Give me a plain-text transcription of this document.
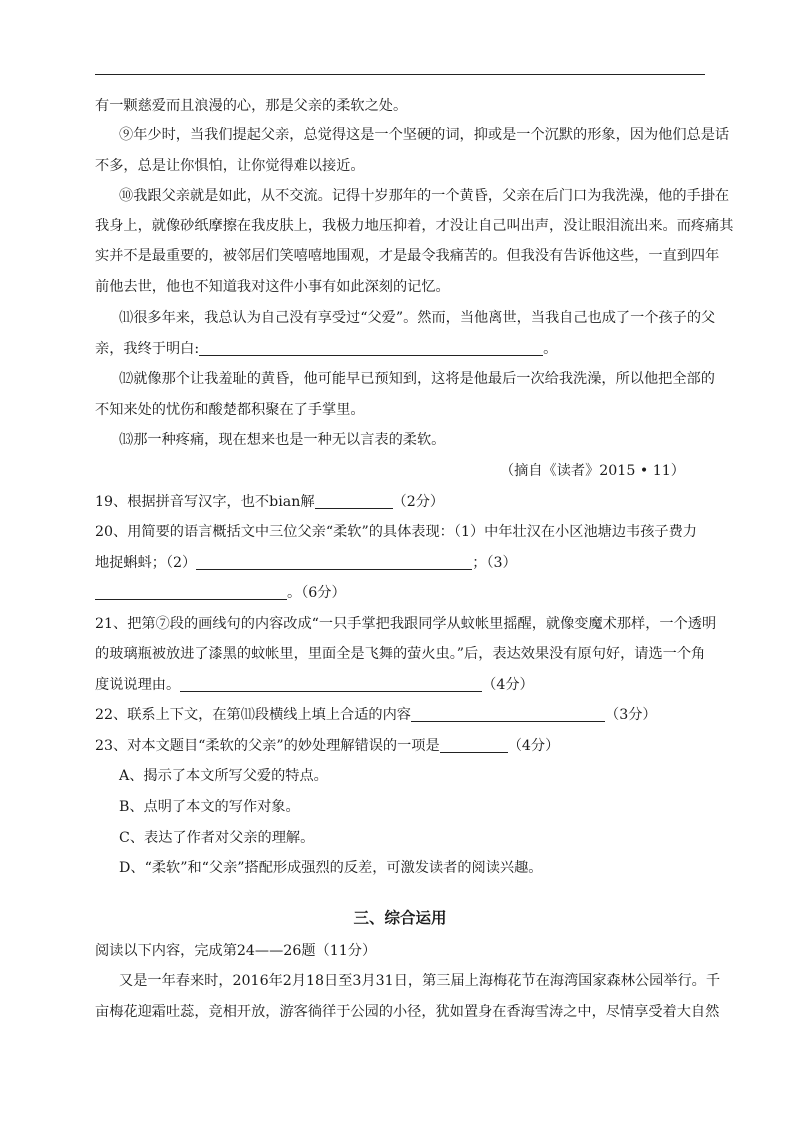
有一颗慈爱而且浪漫的心，那是父亲的柔软之处。
⑨年少时，当我们提起父亲，总觉得这是一个坚硬的词，抑或是一个沉默的形象，因为他们总是话
不多，总是让你惧怕，让你觉得难以接近。
⑩我跟父亲就是如此，从不交流。记得十岁那年的一个黄昏，父亲在后门口为我洗澡，他的手掛在
我身上，就像砂纸摩擦在我皮肤上，我极力地压抑着，才没让自己叫出声，没让眼泪流出来。而疼痛其
实并不是最重要的，被邻居们笑嘻嘻地围观，才是最令我痛苦的。但我没有告诉他这些，一直到四年
前他去世，他也不知道我对这件小事有如此深刻的记忆。
⑾很多年来，我总认为自己没有享受过“父爱”。然而，当他离世，当我自己也成了一个孩子的父
亲，我终于明白:	。
⑿就像那个让我羞耻的黄昏，他可能早已预知到，这将是他最后一次给我洗澡，所以他把全部的
不知来处的忧伤和酸楚都积聚在了手掌里。
⒀那一种疼痛，现在想来也是一种无以言表的柔软。
（摘自《读者》2015 • 11）
19、根据拼音写汉字，也不bian解	（2分）
20、用简要的语言概括文中三位父亲“柔软”的具体表现：（1）中年壮汉在小区池塘边韦孩子费力
地捉蝌蚪；（2）	；（3）
。（6分）
21、把第⑦段的画线句的内容改成“一只手掌把我跟同学从蚊帐里摇醒，就像变魔术那样，一个透明
的玻璃瓶被放进了漆黑的蚊帐里，里面全是飞舞的萤火虫。”后，表达效果没有原句好，请选一个角
度说说理由。	（4分）
22、联系上下文，在第⑾段横线上填上合适的内容	（3分）
23、对本文题目“柔软的父亲”的妙处理解错误的一项是	（4分）
A、揭示了本文所写父爱的特点。
B、点明了本文的写作对象。
C、表达了作者对父亲的理解。
D、“柔软”和“父亲”搭配形成强烈的反差，可激发读者的阅读兴趣。
三、综合运用
阅读以下内容，完成第24——26题（11分）
又是一年春来时，2016年2月18日至3月31日，第三届上海梅花节在海湾国家森林公园举行。千
亩梅花迎霜吐蕊，竞相开放，游客徜徉于公园的小径，犹如置身在香海雪涛之中，尽情享受着大自然
